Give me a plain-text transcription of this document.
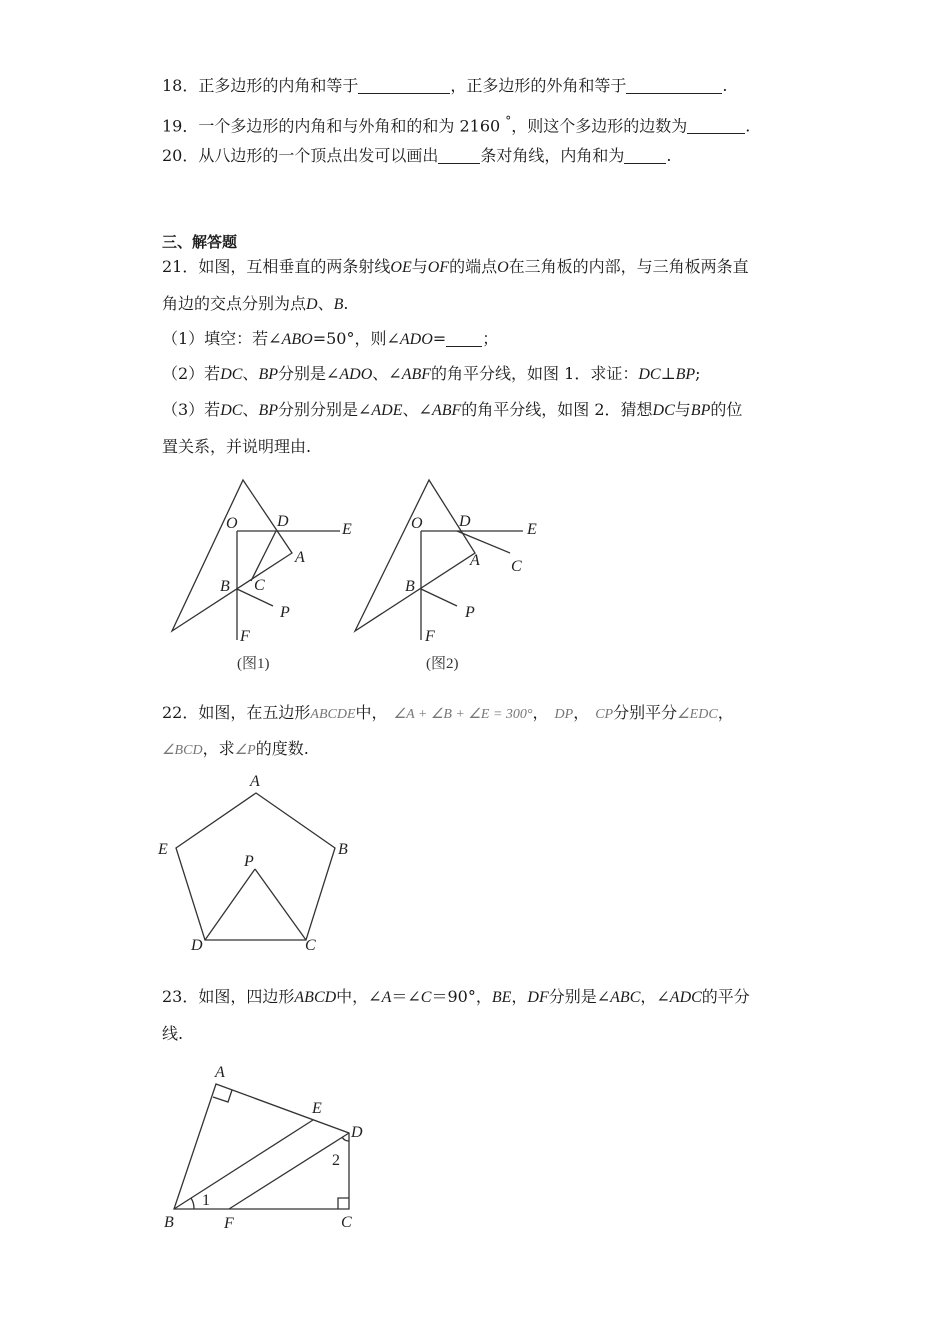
18．正多边形的内角和等于	，正多边形的外角和等于	.
19．一个多边形的内角和与外角和的和为 2160 °，则这个多边形的边数为	.
20．从八边形的一个顶点出发可以画出	条对角线，内角和为	.
三、解答题
21．如图，互相垂直的两条射线OE与OF的端点O在三角板的内部，与三角板两条直
角边的交点分别为点D、B.
（1）填空：若∠ABO=50°，则∠ADO= ；
（2）若DC、BP分别是∠ADO、∠ABF的角平分线，如图 1．求证：DC⊥BP;
（3）若DC、BP分别分别是∠ADE、∠ABF的角平分线，如图 2．猜想DC与BP的位
置关系，并说明理由.
O D	E
A
B C
P
F
(图1)
O D	E
A C
B
P
F
(图2)
22．如图，在五边形ABCDE中， ∠A + ∠B + ∠E = 300°， DP， CP分别平分∠EDC，
∠BCD，求∠P的度数.
A
E	B
P
D	C
23．如图，四边形ABCD中，∠A＝∠C＝90°，BE，DF分别是∠ABC，∠ADC的平分
线.
A
E
D
2
1
B	F	C
